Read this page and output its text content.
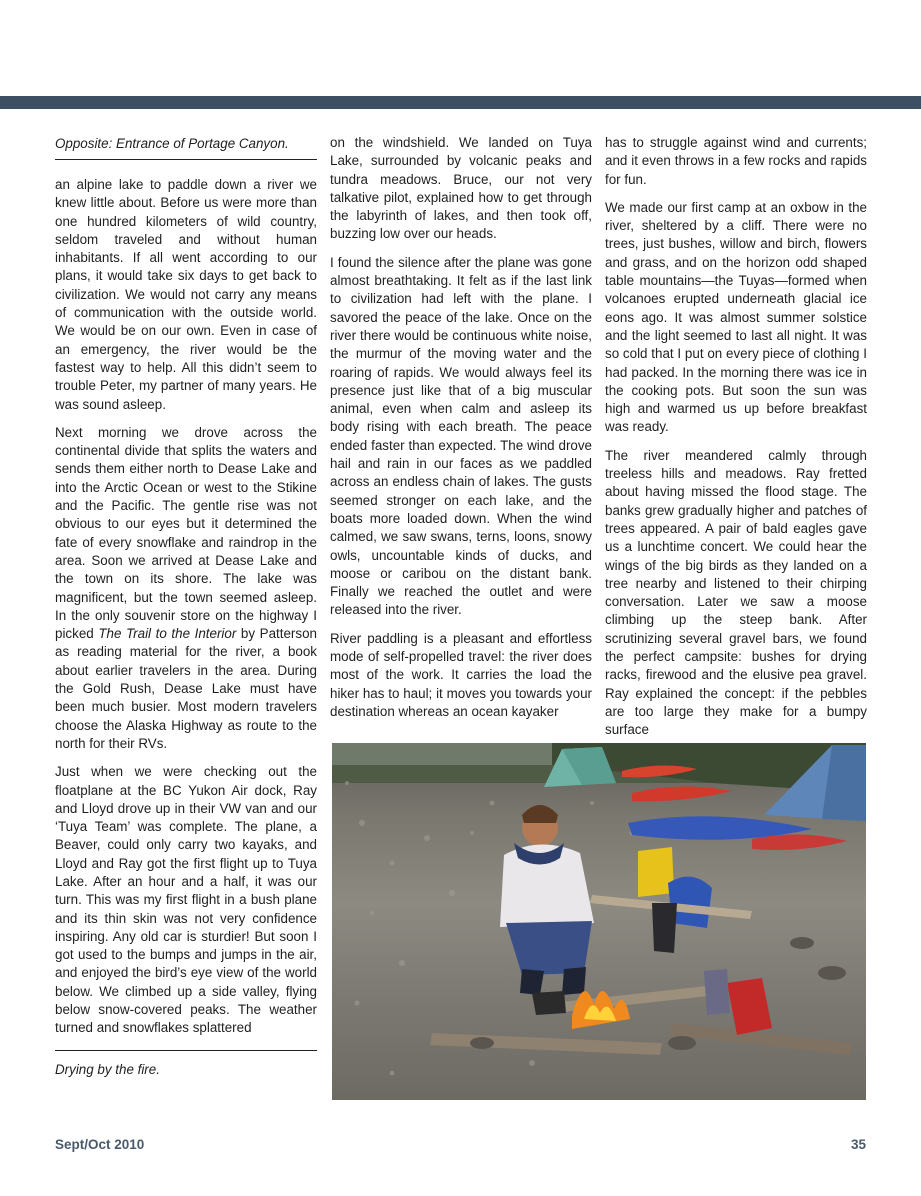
Opposite: Entrance of Portage Canyon.

an alpine lake to paddle down a river we knew little about. Before us were more than one hundred kilometers of wild country, seldom traveled and without human inhabitants. If all went according to our plans, it would take six days to get back to civilization. We would not carry any means of communication with the outside world. We would be on our own. Even in case of an emergency, the river would be the fastest way to help. All this didn’t seem to trouble Peter, my partner of many years. He was sound asleep.

Next morning we drove across the continental divide that splits the waters and sends them either north to Dease Lake and into the Arctic Ocean or west to the Stikine and the Pacific. The gentle rise was not obvious to our eyes but it determined the fate of every snowflake and raindrop in the area. Soon we arrived at Dease Lake and the town on its shore. The lake was magnificent, but the town seemed asleep. In the only souvenir store on the highway I picked The Trail to the Interior by Patterson as reading material for the river, a book about earlier travelers in the area. During the Gold Rush, Dease Lake must have been much busier. Most modern travelers choose the Alaska Highway as route to the north for their RVs.

Just when we were checking out the floatplane at the BC Yukon Air dock, Ray and Lloyd drove up in their VW van and our ‘Tuya Team’ was complete. The plane, a Beaver, could only carry two kayaks, and Lloyd and Ray got the first flight up to Tuya Lake. After an hour and a half, it was our turn. This was my first flight in a bush plane and its thin skin was not very confidence inspiring. Any old car is sturdier! But soon I got used to the bumps and jumps in the air, and enjoyed the bird’s eye view of the world below. We climbed up a side valley, flying below snow-covered peaks. The weather turned and snowflakes splattered

on the windshield. We landed on Tuya Lake, surrounded by volcanic peaks and tundra meadows. Bruce, our not very talkative pilot, explained how to get through the labyrinth of lakes, and then took off, buzzing low over our heads.

I found the silence after the plane was gone almost breathtaking. It felt as if the last link to civilization had left with the plane. I savored the peace of the lake. Once on the river there would be continuous white noise, the murmur of the moving water and the roaring of rapids. We would always feel its presence just like that of a big muscular animal, even when calm and asleep its body rising with each breath. The peace ended faster than expected. The wind drove hail and rain in our faces as we paddled across an endless chain of lakes. The gusts seemed stronger on each lake, and the boats more loaded down. When the wind calmed, we saw swans, terns, loons, snowy owls, uncountable kinds of ducks, and moose or caribou on the distant bank. Finally we reached the outlet and were released into the river.

River paddling is a pleasant and effortless mode of self-propelled travel: the river does most of the work. It carries the load the hiker has to haul; it moves you towards your destination whereas an ocean kayaker

has to struggle against wind and currents; and it even throws in a few rocks and rapids for fun.

We made our first camp at an oxbow in the river, sheltered by a cliff. There were no trees, just bushes, willow and birch, flowers and grass, and on the horizon odd shaped table mountains—the Tuyas—formed when volcanoes erupted underneath glacial ice eons ago. It was almost summer solstice and the light seemed to last all night. It was so cold that I put on every piece of clothing I had packed. In the morning there was ice in the cooking pots. But soon the sun was high and warmed us up before breakfast was ready.

The river meandered calmly through treeless hills and meadows. Ray fretted about having missed the flood stage. The banks grew gradually higher and patches of trees appeared. A pair of bald eagles gave us a lunchtime concert. We could hear the wings of the big birds as they landed on a tree nearby and listened to their chirping conversation. Later we saw a moose climbing up the steep bank. After scrutinizing several gravel bars, we found the perfect campsite: bushes for drying racks, firewood and the elusive pea gravel. Ray explained the concept: if the pebbles are too large they make for a bumpy surface

Drying by the fire.

Sept/Oct 2010	35
